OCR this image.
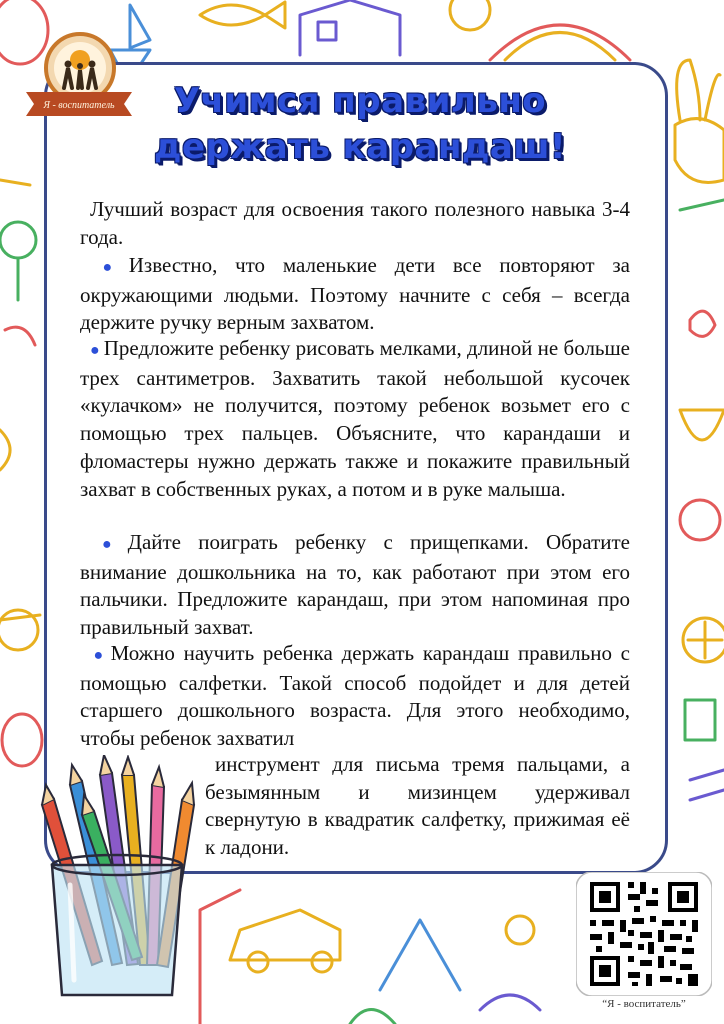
Я - воспитатель	Учимся правильно
держать карандаш!
Лучший возраст для освоения такого полезного навыка 3-4 года.
● Известно, что маленькие дети все повторяют за окружающими людьми. Поэтому начните с себя – всегда держите ручку верным захватом.
● Предложите ребенку рисовать мелками, длиной не больше трех сантиметров. Захватить такой небольшой кусочек «кулачком» не получится, поэтому ребенок возьмет его с помощью трех пальцев. Объясните, что карандаши и фломастеры нужно держать также и покажите правильный захват в собственных руках, а потом и в руке малыша.
● Дайте поиграть ребенку с прищепками. Обратите внимание дошкольника на то, как работают при этом его пальчики. Предложите карандаш, при этом напоминая про правильный захват.
● Можно научить ребенка держать карандаш правильно с помощью салфетки. Такой способ подойдет и для детей старшего дошкольного возраста. Для этого необходимо, чтобы ребенок захватил
инструмент для письма тремя пальцами, а безымянным и мизинцем удерживал свернутую в квадратик салфетку, прижимая её к ладони.
“Я - воспитатель”
